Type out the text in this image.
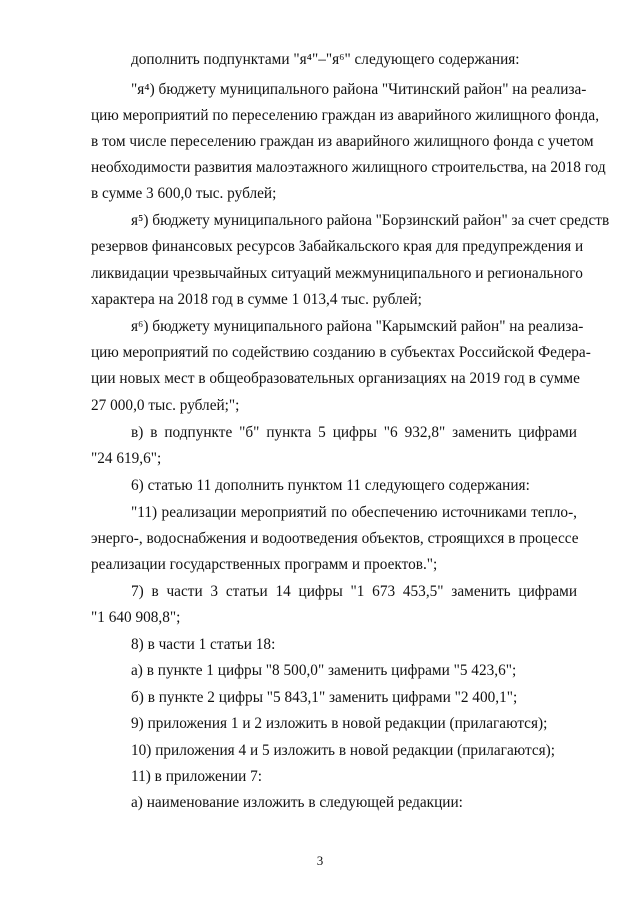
дополнить подпунктами "я⁴"–"я⁶" следующего содержания:
"я⁴) бюджету муниципального района "Читинский район" на реализа-
цию мероприятий по переселению граждан из аварийного жилищного фонда,
в том числе переселению граждан из аварийного жилищного фонда с учетом
необходимости развития малоэтажного жилищного строительства, на 2018 год
в сумме 3 600,0 тыс. рублей;
я⁵) бюджету муниципального района "Борзинский район" за счет средств
резервов финансовых ресурсов Забайкальского края для предупреждения и
ликвидации чрезвычайных ситуаций межмуниципального и регионального
характера на 2018 год в сумме 1 013,4 тыс. рублей;
я⁶) бюджету муниципального района "Карымский район" на реализа-
цию мероприятий по содействию созданию в субъектах Российской Федера-
ции новых мест в общеобразовательных организациях на 2019 год в сумме
27 000,0 тыс. рублей;";
в) в подпункте "б" пункта 5 цифры "6 932,8" заменить цифрами
"24 619,6";
6) статью 11 дополнить пунктом 11 следующего содержания:
"11) реализации мероприятий по обеспечению источниками тепло-,
энерго-, водоснабжения и водоотведения объектов, строящихся в процессе
реализации государственных программ и проектов.";
7) в части 3 статьи 14 цифры "1 673 453,5" заменить цифрами
"1 640 908,8";
8) в части 1 статьи 18:
а) в пункте 1 цифры "8 500,0" заменить цифрами "5 423,6";
б) в пункте 2 цифры "5 843,1" заменить цифрами "2 400,1";
9) приложения 1 и 2 изложить в новой редакции (прилагаются);
10) приложения 4 и 5 изложить в новой редакции (прилагаются);
11) в приложении 7:
а) наименование изложить в следующей редакции:
3
